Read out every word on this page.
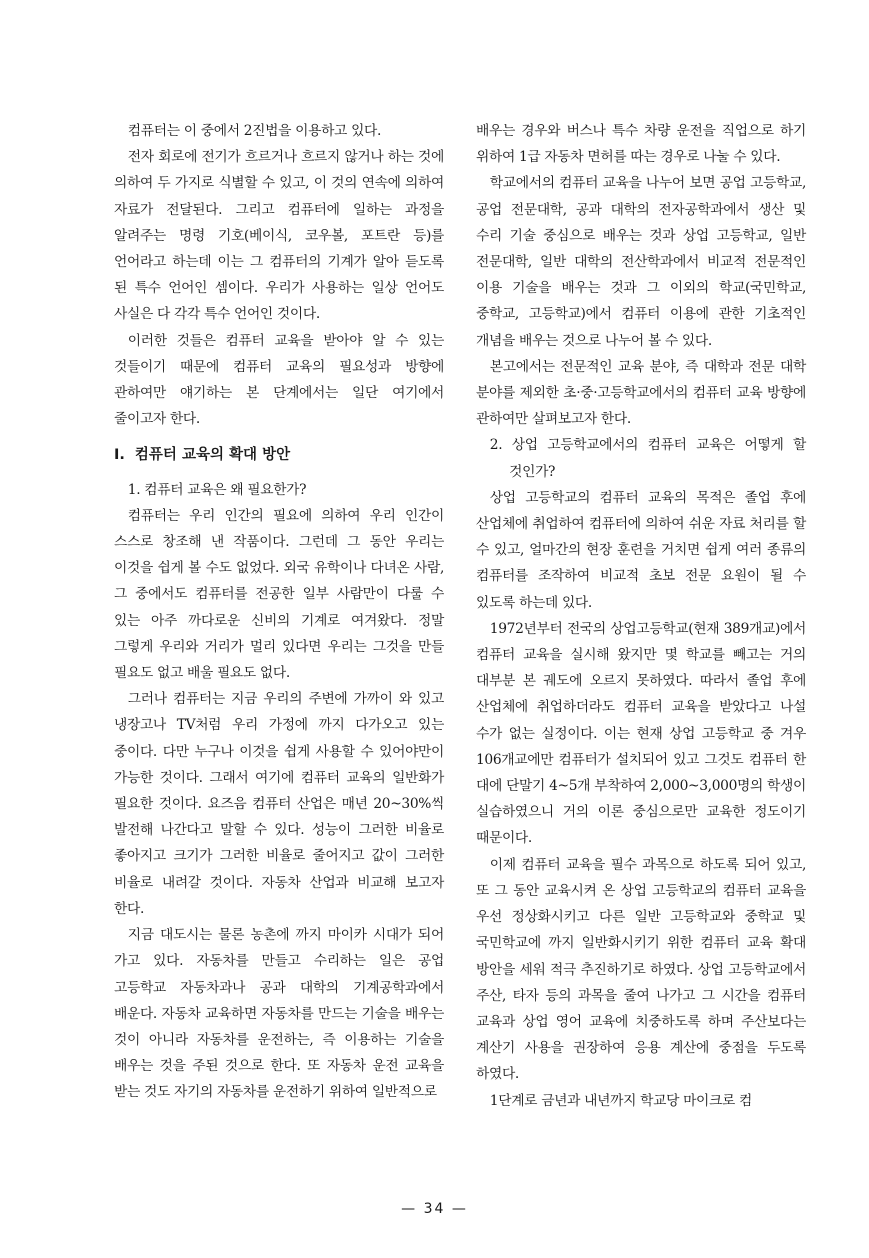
컴퓨터는 이 중에서 2진법을 이용하고 있다.

전자 회로에 전기가 흐르거나 흐르지 않거나 하는 것에 의하여 두 가지로 식별할 수 있고, 이 것의 연속에 의하여 자료가 전달된다. 그리고 컴퓨터에 일하는 과정을 알려주는 명령 기호(베이식, 코우볼, 포트란 등)를 언어라고 하는데 이는 그 컴퓨터의 기계가 알아 듣도록 된 특수 언어인 셈이다. 우리가 사용하는 일상 언어도 사실은 다 각각 특수 언어인 것이다.

이러한 것들은 컴퓨터 교육을 받아야 알 수 있는 것들이기 때문에 컴퓨터 교육의 필요성과 방향에 관하여만 얘기하는 본 단계에서는 일단 여기에서 줄이고자 한다.

Ⅰ. 컴퓨터 교육의 확대 방안

1. 컴퓨터 교육은 왜 필요한가?

컴퓨터는 우리 인간의 필요에 의하여 우리 인간이 스스로 창조해 낸 작품이다. 그런데 그 동안 우리는 이것을 쉽게 볼 수도 없었다. 외국 유학이나 다녀온 사람, 그 중에서도 컴퓨터를 전공한 일부 사람만이 다룰 수 있는 아주 까다로운 신비의 기계로 여겨왔다. 정말 그렇게 우리와 거리가 멀리 있다면 우리는 그것을 만들 필요도 없고 배울 필요도 없다.

그러나 컴퓨터는 지금 우리의 주변에 가까이 와 있고 냉장고나 TV처럼 우리 가정에 까지 다가오고 있는 중이다. 다만 누구나 이것을 쉽게 사용할 수 있어야만이 가능한 것이다. 그래서 여기에 컴퓨터 교육의 일반화가 필요한 것이다. 요즈음 컴퓨터 산업은 매년 20~30%씩 발전해 나간다고 말할 수 있다. 성능이 그러한 비율로 좋아지고 크기가 그러한 비율로 줄어지고 값이 그러한 비율로 내려갈 것이다. 자동차 산업과 비교해 보고자 한다.

지금 대도시는 물론 농촌에 까지 마이카 시대가 되어 가고 있다. 자동차를 만들고 수리하는 일은 공업 고등학교 자동차과나 공과 대학의 기계공학과에서 배운다. 자동차 교육하면 자동차를 만드는 기술을 배우는 것이 아니라 자동차를 운전하는, 즉 이용하는 기술을 배우는 것을 주된 것으로 한다. 또 자동차 운전 교육을 받는 것도 자기의 자동차를 운전하기 위하여 일반적으로

배우는 경우와 버스나 특수 차량 운전을 직업으로 하기 위하여 1급 자동차 면허를 따는 경우로 나눌 수 있다.

학교에서의 컴퓨터 교육을 나누어 보면 공업 고등학교, 공업 전문대학, 공과 대학의 전자공학과에서 생산 및 수리 기술 중심으로 배우는 것과 상업 고등학교, 일반 전문대학, 일반 대학의 전산학과에서 비교적 전문적인 이용 기술을 배우는 것과 그 이외의 학교(국민학교, 중학교, 고등학교)에서 컴퓨터 이용에 관한 기초적인 개념을 배우는 것으로 나누어 볼 수 있다.

본고에서는 전문적인 교육 분야, 즉 대학과 전문 대학 분야를 제외한 초·중·고등학교에서의 컴퓨터 교육 방향에 관하여만 살펴보고자 한다.

2. 상업 고등학교에서의 컴퓨터 교육은 어떻게 할 것인가?

상업 고등학교의 컴퓨터 교육의 목적은 졸업 후에 산업체에 취업하여 컴퓨터에 의하여 쉬운 자료 처리를 할 수 있고, 얼마간의 현장 훈련을 거치면 쉽게 여러 종류의 컴퓨터를 조작하여 비교적 초보 전문 요원이 될 수 있도록 하는데 있다.

1972년부터 전국의 상업고등학교(현재 389개교)에서 컴퓨터 교육을 실시해 왔지만 몇 학교를 빼고는 거의 대부분 본 궤도에 오르지 못하였다. 따라서 졸업 후에 산업체에 취업하더라도 컴퓨터 교육을 받았다고 나설 수가 없는 실정이다. 이는 현재 상업 고등학교 중 겨우 106개교에만 컴퓨터가 설치되어 있고 그것도 컴퓨터 한 대에 단말기 4~5개 부착하여 2,000~3,000명의 학생이 실습하였으니 거의 이론 중심으로만 교육한 정도이기 때문이다.

이제 컴퓨터 교육을 필수 과목으로 하도록 되어 있고, 또 그 동안 교육시켜 온 상업 고등학교의 컴퓨터 교육을 우선 정상화시키고 다른 일반 고등학교와 중학교 및 국민학교에 까지 일반화시키기 위한 컴퓨터 교육 확대 방안을 세워 적극 추진하기로 하였다. 상업 고등학교에서 주산, 타자 등의 과목을 줄여 나가고 그 시간을 컴퓨터 교육과 상업 영어 교육에 치중하도록 하며 주산보다는 계산기 사용을 권장하여 응용 계산에 중점을 두도록 하였다.

1단계로 금년과 내년까지 학교당 마이크로 컴

— 34 —
